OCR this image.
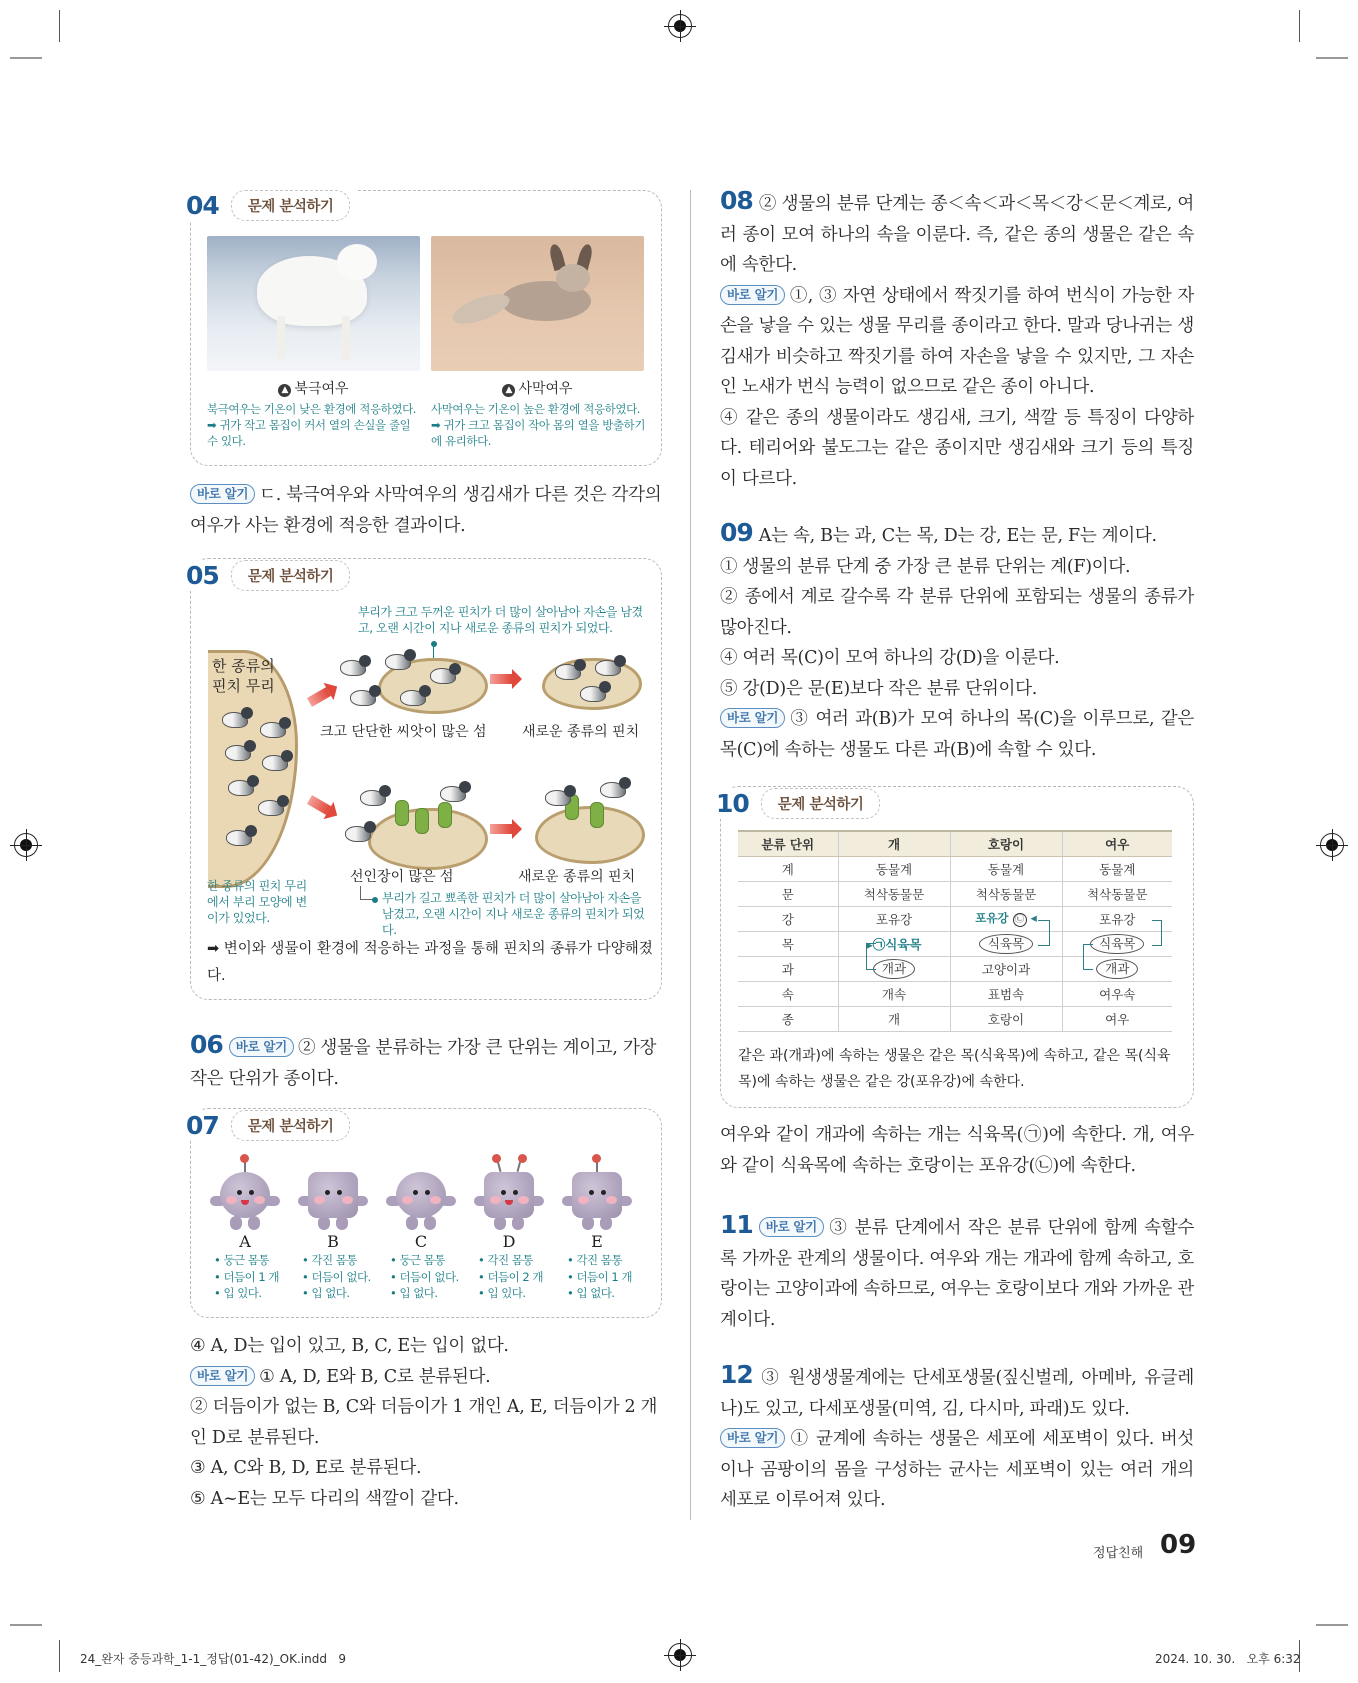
04	문제 분석하기
▲ 북극여우	▲ 사막여우
북극여우는 기온이 낮은 환경에 적응하였다. ➡ 귀가 작고 몸집이 커서 열의 손실을 줄일 수 있다.
사막여우는 기온이 높은 환경에 적응하였다. ➡ 귀가 크고 몸집이 작아 몸의 열을 방출하기에 유리하다.
바로 알기 ㄷ. 북극여우와 사막여우의 생김새가 다른 것은 각각의 여우가 사는 환경에 적응한 결과이다.
05	문제 분석하기
부리가 크고 두꺼운 핀치가 더 많이 살아남아 자손을 남겼고, 오랜 시간이 지나 새로운 종류의 핀치가 되었다.
한 종류의 핀치 무리
크고 단단한 씨앗이 많은 섬	새로운 종류의 핀치
선인장이 많은 섬	새로운 종류의 핀치
한 종류의 핀치 무리에서 부리 모양에 변이가 있었다.
부리가 길고 뾰족한 핀치가 더 많이 살아남아 자손을 남겼고, 오랜 시간이 지나 새로운 종류의 핀치가 되었다.
➡ 변이와 생물이 환경에 적응하는 과정을 통해 핀치의 종류가 다양해졌다.
06 바로 알기 ② 생물을 분류하는 가장 큰 단위는 계이고, 가장 작은 단위가 종이다.
07	문제 분석하기
A	B	C	D	E
• 둥근 몸통
• 더듬이 1 개
• 입 있다.
• 각진 몸통
• 더듬이 없다.
• 입 없다.
• 둥근 몸통
• 더듬이 없다.
• 입 없다.
• 각진 몸통
• 더듬이 2 개
• 입 있다.
• 각진 몸통
• 더듬이 1 개
• 입 없다.
④ A, D는 입이 있고, B, C, E는 입이 없다.
바로 알기 ① A, D, E와 B, C로 분류된다.
② 더듬이가 없는 B, C와 더듬이가 1 개인 A, E, 더듬이가 2 개인 D로 분류된다.
③ A, C와 B, D, E로 분류된다.
⑤ A~E는 모두 다리의 색깔이 같다.
08 ② 생물의 분류 단계는 종＜속＜과＜목＜강＜문＜계로, 여러 종이 모여 하나의 속을 이룬다. 즉, 같은 종의 생물은 같은 속에 속한다.
바로 알기 ①, ③ 자연 상태에서 짝짓기를 하여 번식이 가능한 자손을 낳을 수 있는 생물 무리를 종이라고 한다. 말과 당나귀는 생김새가 비슷하고 짝짓기를 하여 자손을 낳을 수 있지만, 그 자손인 노새가 번식 능력이 없으므로 같은 종이 아니다.
④ 같은 종의 생물이라도 생김새, 크기, 색깔 등 특징이 다양하다. 테리어와 불도그는 같은 종이지만 생김새와 크기 등의 특징이 다르다.
09 A는 속, B는 과, C는 목, D는 강, E는 문, F는 계이다.
① 생물의 분류 단계 중 가장 큰 분류 단위는 계(F)이다.
② 종에서 계로 갈수록 각 분류 단위에 포함되는 생물의 종류가 많아진다.
④ 여러 목(C)이 모여 하나의 강(D)을 이룬다.
⑤ 강(D)은 문(E)보다 작은 분류 단위이다.
바로 알기 ③ 여러 과(B)가 모여 하나의 목(C)을 이루므로, 같은 목(C)에 속하는 생물도 다른 과(B)에 속할 수 있다.
10	문제 분석하기
분류 단위	개	호랑이	여우
계	동물계	동물계	동물계
문	척삭동물문	척삭동물문	척삭동물문
강	포유강	포유강 ㉡ ◂	포유강
목	▸㉠식육목	식육목	식육목
과	개과	고양이과	개과
속	개속	표범속	여우속
종	개	호랑이	여우
같은 과(개과)에 속하는 생물은 같은 목(식육목)에 속하고, 같은 목(식육목)에 속하는 생물은 같은 강(포유강)에 속한다.
여우와 같이 개과에 속하는 개는 식육목(㉠)에 속한다. 개, 여우와 같이 식육목에 속하는 호랑이는 포유강(㉡)에 속한다.
11 바로 알기 ③ 분류 단계에서 작은 분류 단위에 함께 속할수록 가까운 관계의 생물이다. 여우와 개는 개과에 함께 속하고, 호랑이는 고양이과에 속하므로, 여우는 호랑이보다 개와 가까운 관계이다.
12 ③ 원생생물계에는 단세포생물(짚신벌레, 아메바, 유글레나)도 있고, 다세포생물(미역, 김, 다시마, 파래)도 있다.
바로 알기 ① 균계에 속하는 생물은 세포에 세포벽이 있다. 버섯이나 곰팡이의 몸을 구성하는 균사는 세포벽이 있는 여러 개의 세포로 이루어져 있다.
정답친해 09
24_완자 중등과학_1-1_정답(01-42)_OK.indd   9	2024. 10. 30.   오후 6:32
